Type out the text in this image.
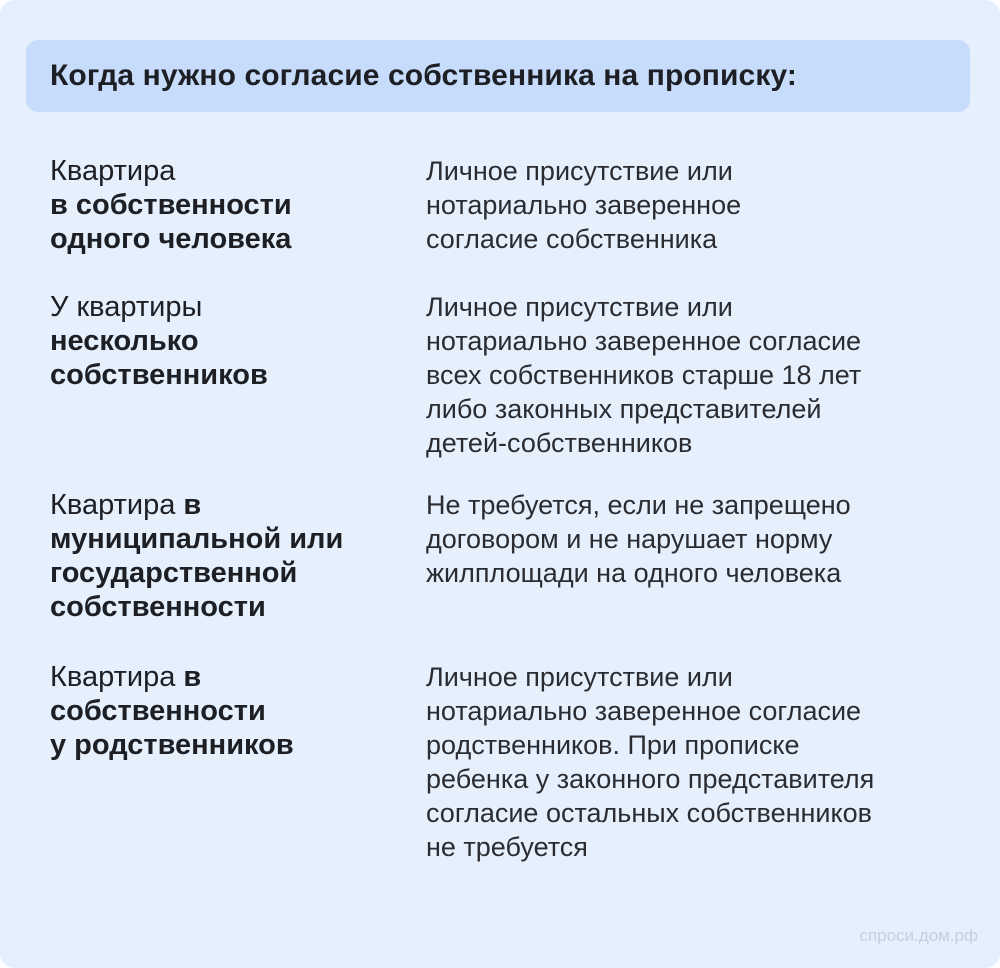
Когда нужно согласие собственника на прописку:
Квартира
в собственности
одного человека
Личное присутствие или
нотариально заверенное
согласие собственника
У квартиры
несколько
собственников
Личное присутствие или
нотариально заверенное согласие
всех собственников старше 18 лет
либо законных представителей
детей-собственников
Квартира в
муниципальной или
государственной
собственности
Не требуется, если не запрещено
договором и не нарушает норму
жилплощади на одного человека
Квартира в
собственности
у родственников
Личное присутствие или
нотариально заверенное согласие
родственников. При прописке
ребенка у законного представителя
согласие остальных собственников
не требуется
спроси.дом.рф
